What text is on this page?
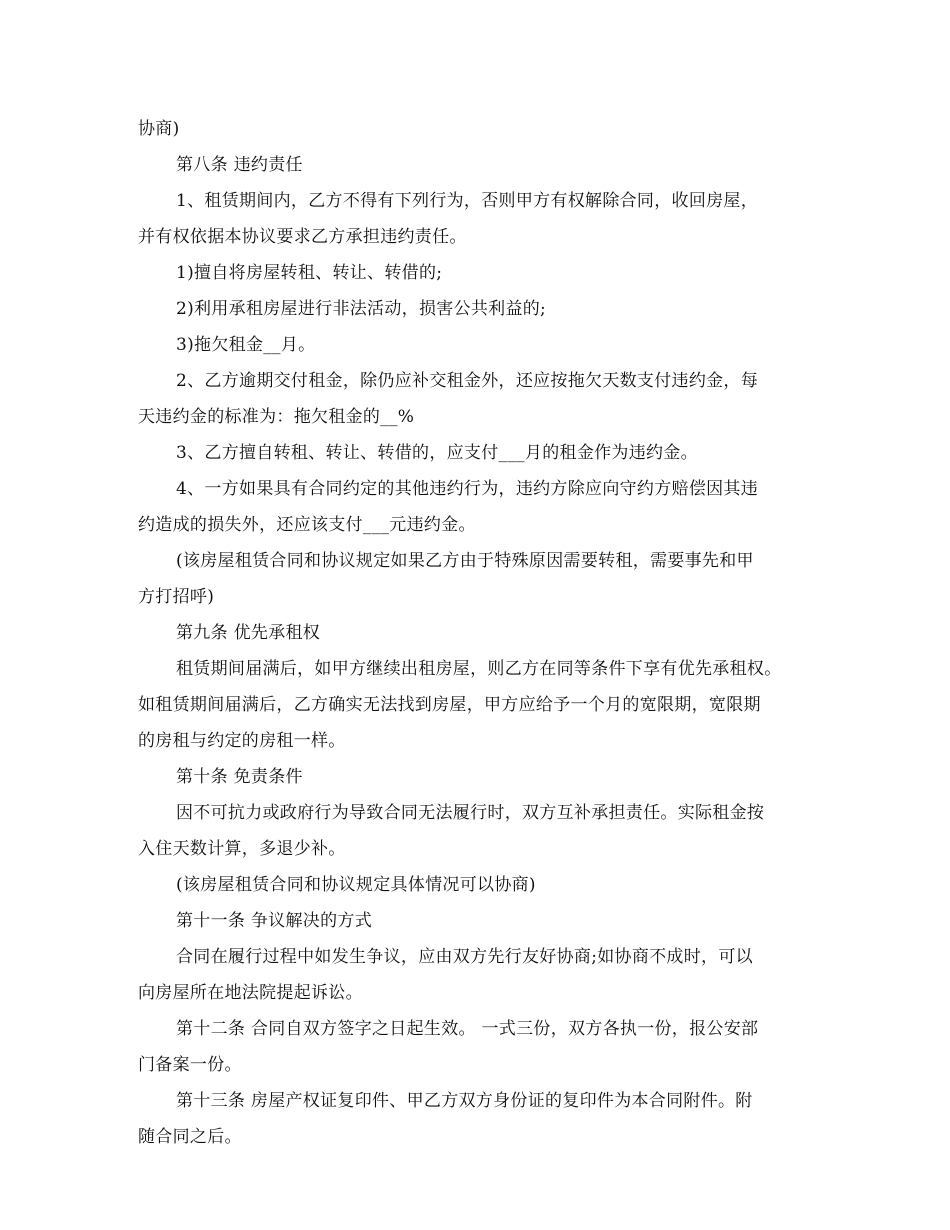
协商)
第八条 违约责任
1、租赁期间内，乙方不得有下列行为，否则甲方有权解除合同，收回房屋，
并有权依据本协议要求乙方承担违约责任。
1)擅自将房屋转租、转让、转借的;
2)利用承租房屋进行非法活动，损害公共利益的;
3)拖欠租金__月。
2、乙方逾期交付租金，除仍应补交租金外，还应按拖欠天数支付违约金，每
天违约金的标准为：拖欠租金的__%
3、乙方擅自转租、转让、转借的，应支付___月的租金作为违约金。
4、一方如果具有合同约定的其他违约行为，违约方除应向守约方赔偿因其违
约造成的损失外，还应该支付___元违约金。
(该房屋租赁合同和协议规定如果乙方由于特殊原因需要转租，需要事先和甲
方打招呼)
第九条 优先承租权
租赁期间届满后，如甲方继续出租房屋，则乙方在同等条件下享有优先承租权。
如租赁期间届满后，乙方确实无法找到房屋，甲方应给予一个月的宽限期，宽限期
的房租与约定的房租一样。
第十条 免责条件
因不可抗力或政府行为导致合同无法履行时，双方互补承担责任。实际租金按
入住天数计算，多退少补。
(该房屋租赁合同和协议规定具体情况可以协商)
第十一条 争议解决的方式
合同在履行过程中如发生争议，应由双方先行友好协商;如协商不成时，可以
向房屋所在地法院提起诉讼。
第十二条 合同自双方签字之日起生效。 一式三份，双方各执一份，报公安部
门备案一份。
第十三条 房屋产权证复印件、甲乙方双方身份证的复印件为本合同附件。附
随合同之后。
